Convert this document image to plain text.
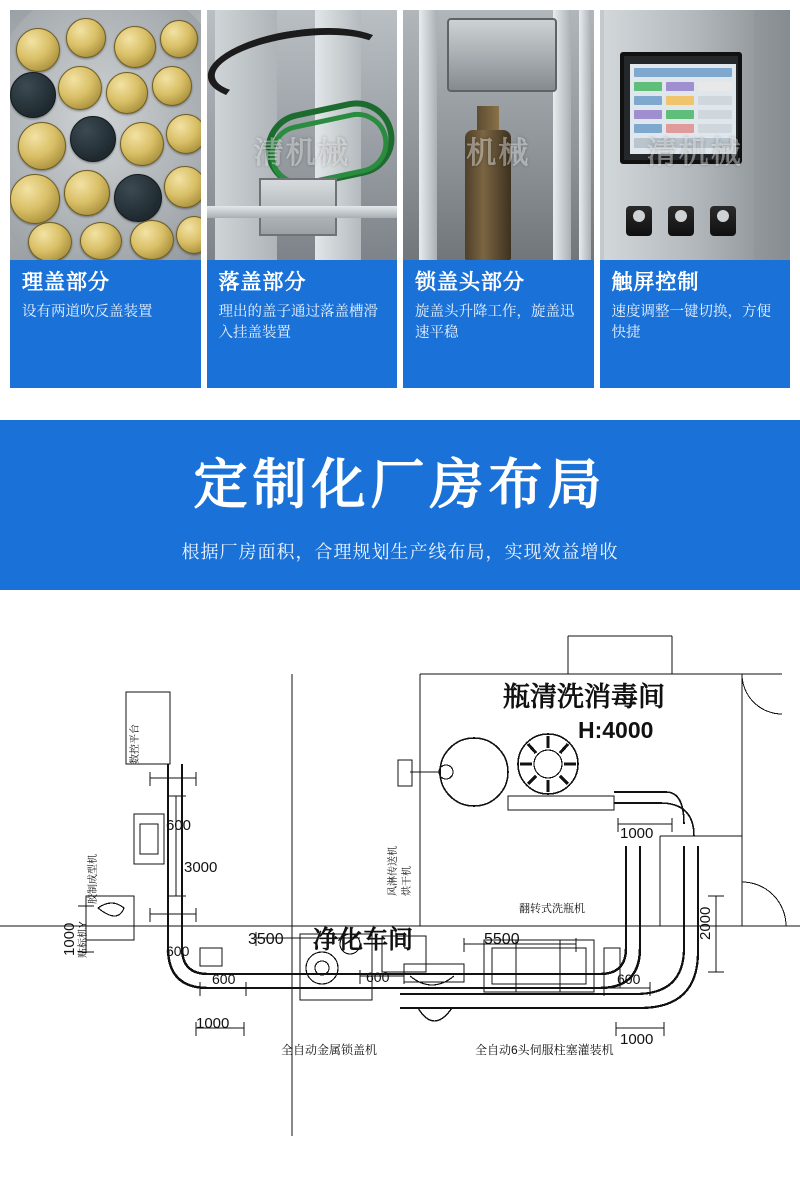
理盖部分
设有两道吹反盖装置
清机械
落盖部分
理出的盖子通过落盖槽滑入挂盖装置
机械
锁盖头部分
旋盖头升降工作，旋盖迅速平稳
清机械
触屏控制
速度调整一键切换，方便快捷
定制化厂房布局
根据厂房面积，合理规划生产线布局，实现效益增收
H:4000
瓶清洗消毒间
净化车间
翻转式洗瓶机
全自动金属锁盖机	全自动6头伺服柱塞灌装机
600
3000
600
1000	3500
600
1000
600
5500
600
1000
2000
1000
数控平台
胶制成型机
贴标机Y
风淋传送机 烘干机
